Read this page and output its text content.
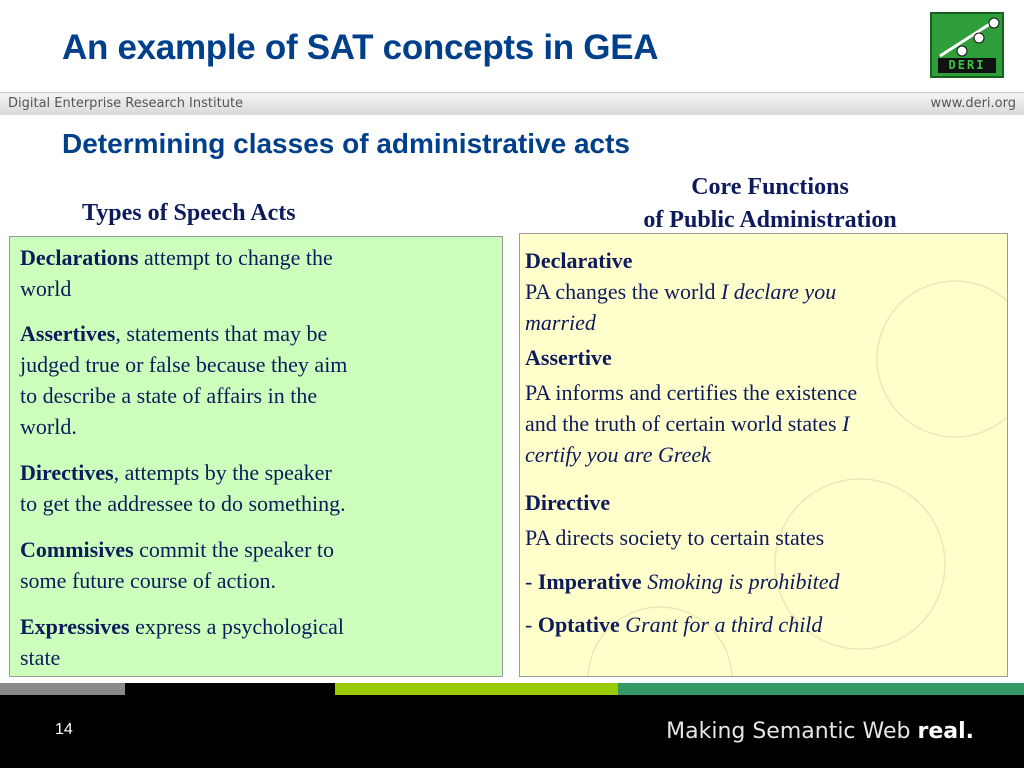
An example of SAT concepts in GEA	DERI
Digital Enterprise Research Institute	www.deri.org
Determining classes of administrative acts
Types of Speech Acts
Core Functions
of Public Administration
Declarations attempt to change the
world
Assertives, statements that may be
judged true or false because they aim
to describe a state of affairs in the
world.
Directives, attempts by the speaker
to get the addressee to do something.
Commisives commit the speaker to
some future course of action.
Expressives express a psychological
state
Declarative
PA changes the world I declare you
married
Assertive
PA informs and certifies the existence
and the truth of certain world states I
certify you are Greek
Directive
PA directs society to certain states
- Imperative Smoking is prohibited
- Optative Grant for a third child
14	Making Semantic Web real.
